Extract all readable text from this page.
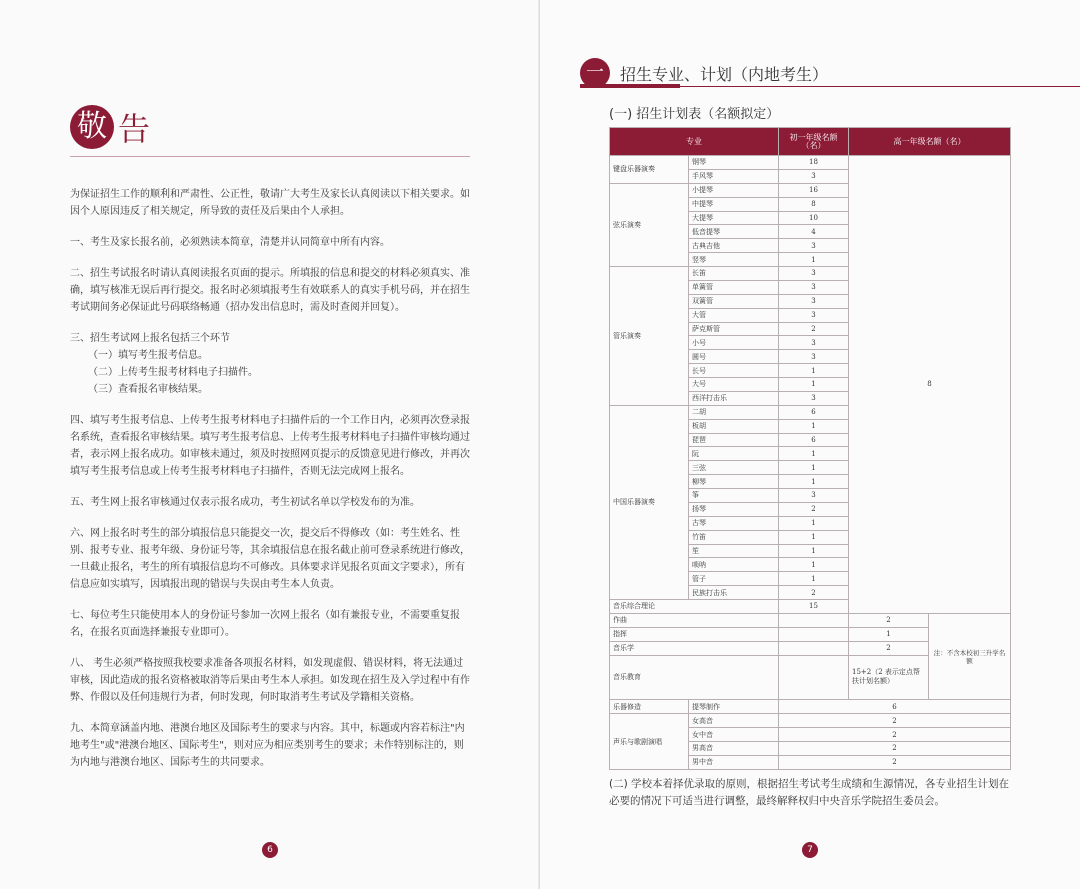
敬 告

为保证招生工作的顺利和严肃性、公正性，敬请广大考生及家长认真阅读以下相关要求。如因个人原因违反了相关规定，所导致的责任及后果由个人承担。

一、考生及家长报名前，必须熟读本简章，清楚并认同简章中所有内容。

二、招生考试报名时请认真阅读报名页面的提示。所填报的信息和提交的材料必须真实、准确，填写核准无误后再行提交。报名时必须填报考生有效联系人的真实手机号码，并在招生考试期间务必保证此号码联络畅通（招办发出信息时，需及时查阅并回复）。

三、招生考试网上报名包括三个环节
（一）填写考生报考信息。
（二）上传考生报考材料电子扫描件。
（三）查看报名审核结果。

四、填写考生报考信息、上传考生报考材料电子扫描件后的一个工作日内，必须再次登录报名系统，查看报名审核结果。填写考生报考信息、上传考生报考材料电子扫描件审核均通过者，表示网上报名成功。如审核未通过，须及时按照网页提示的反馈意见进行修改，并再次填写考生报考信息或上传考生报考材料电子扫描件，否则无法完成网上报名。

五、考生网上报名审核通过仅表示报名成功，考生初试名单以学校发布的为准。

六、网上报名时考生的部分填报信息只能提交一次，提交后不得修改（如：考生姓名、性别、报考专业、报考年级、身份证号等，其余填报信息在报名截止前可登录系统进行修改，一旦截止报名，考生的所有填报信息均不可修改。具体要求详见报名页面文字要求），所有信息应如实填写，因填报出现的错误与失误由考生本人负责。

七、每位考生只能使用本人的身份证号参加一次网上报名（如有兼报专业，不需要重复报名，在报名页面选择兼报专业即可）。

八、 考生必须严格按照我校要求准备各项报名材料，如发现虚假、错误材料，将无法通过审核，因此造成的报名资格被取消等后果由考生本人承担。如发现在招生及入学过程中有作弊、作假以及任何违规行为者，何时发现，何时取消考生考试及学籍相关资格。

九、本简章涵盖内地、港澳台地区及国际考生的要求与内容。其中，标题或内容若标注"内地考生"或"港澳台地区、国际考生"，则对应为相应类别考生的要求；未作特别标注的，则为内地与港澳台地区、国际考生的共同要求。

6
一	招生专业、计划（内地考生）
(一) 招生计划表（名额拟定）
专业		初一年级名额（名）	高一年级名额（名）	
键盘乐器演奏	钢琴	18	8	
	手风琴	3		
弦乐演奏	小提琴	16		
	中提琴	8		
	大提琴	10		
	低音提琴	4		
	古典吉他	3		
	竖琴	1		
管乐演奏	长笛	3		
	单簧管	3		
	双簧管	3		
	大管	3		
	萨克斯管	2		
	小号	3		
	圆号	3		
	长号	1		
	大号	1		
	西洋打击乐	3		
中国乐器演奏	二胡	6		
	板胡	1		
	琵琶	6		
	阮	1		
	三弦	1		
	柳琴	1		
	筝	3		
	扬琴	2		
	古琴	1		
	竹笛	1		
	笙	1		
	唢呐	1		
	管子	1		
	民族打击乐	2		
音乐综合理论		15		
作曲			2	注：不含本校初三升学名额
指挥			1	
音乐学			2	
音乐教育			15+2（2 表示定点帮扶计划名额）	
乐器修造	提琴制作	6		
声乐与歌剧演唱	女高音	2		
	女中音	2		
	男高音	2		
	男中音	2		
(二) 学校本着择优录取的原则，根据招生考试考生成绩和生源情况，各专业招生计划在必要的情况下可适当进行调整，最终解释权归中央音乐学院招生委员会。
7
